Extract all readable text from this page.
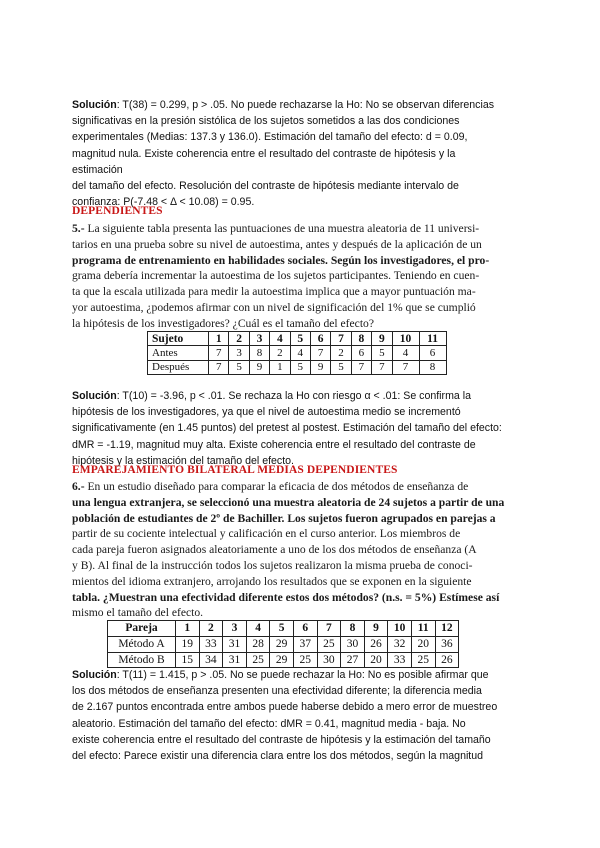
Solución: T(38) = 0.299, p > .05. No puede rechazarse la Ho: No se observan diferencias
significativas en la presión sistólica de los sujetos sometidos a las dos condiciones
experimentales (Medias: 137.3 y 136.0). Estimación del tamaño del efecto: d = 0.09,
magnitud nula. Existe coherencia entre el resultado del contraste de hipótesis y la
estimación
del tamaño del efecto. Resolución del contraste de hipótesis mediante intervalo de
confianza: P(-7.48 < Δ < 10.08) = 0.95.
DEPENDIENTES
5.- La siguiente tabla presenta las puntuaciones de una muestra aleatoria de 11 universi-
tarios en una prueba sobre su nivel de autoestima, antes y después de la aplicación de un
programa de entrenamiento en habilidades sociales. Según los investigadores, el pro-
grama debería incrementar la autoestima de los sujetos participantes. Teniendo en cuen-
ta que la escala utilizada para medir la autoestima implica que a mayor puntuación ma-
yor autoestima, ¿podemos afirmar con un nivel de significación del 1% que se cumplió
la hipótesis de los investigadores? ¿Cuál es el tamaño del efecto?
Sujeto	1	2	3	4	5	6	7	8	9	10	11
Antes	7	3	8	2	4	7	2	6	5	4	6
Después	7	5	9	1	5	9	5	7	7	7	8
Solución: T(10) = -3.96, p < .01. Se rechaza la Ho con riesgo α < .01: Se confirma la
hipótesis de los investigadores, ya que el nivel de autoestima medio se incrementó
significativamente (en 1.45 puntos) del pretest al postest. Estimación del tamaño del efecto:
dMR = -1.19, magnitud muy alta. Existe coherencia entre el resultado del contraste de
hipótesis y la estimación del tamaño del efecto.
EMPAREJAMIENTO BILATERAL MEDIAS DEPENDIENTES
6.- En un estudio diseñado para comparar la eficacia de dos métodos de enseñanza de
una lengua extranjera, se seleccionó una muestra aleatoria de 24 sujetos a partir de una
población de estudiantes de 2º de Bachiller. Los sujetos fueron agrupados en parejas a
partir de su cociente intelectual y calificación en el curso anterior. Los miembros de
cada pareja fueron asignados aleatoriamente a uno de los dos métodos de enseñanza (A
y B). Al final de la instrucción todos los sujetos realizaron la misma prueba de conoci-
mientos del idioma extranjero, arrojando los resultados que se exponen en la siguiente
tabla. ¿Muestran una efectividad diferente estos dos métodos? (n.s. = 5%) Estímese así
mismo el tamaño del efecto.
Pareja	1	2	3	4	5	6	7	8	9	10	11	12
Método A	19	33	31	28	29	37	25	30	26	32	20	36
Método B	15	34	31	25	29	25	30	27	20	33	25	26
Solución: T(11) = 1.415, p > .05. No se puede rechazar la Ho: No es posible afirmar que
los dos métodos de enseñanza presenten una efectividad diferente; la diferencia media
de 2.167 puntos encontrada entre ambos puede haberse debido a mero error de muestreo
aleatorio. Estimación del tamaño del efecto: dMR = 0.41, magnitud media - baja. No
existe coherencia entre el resultado del contraste de hipótesis y la estimación del tamaño
del efecto: Parece existir una diferencia clara entre los dos métodos, según la magnitud
